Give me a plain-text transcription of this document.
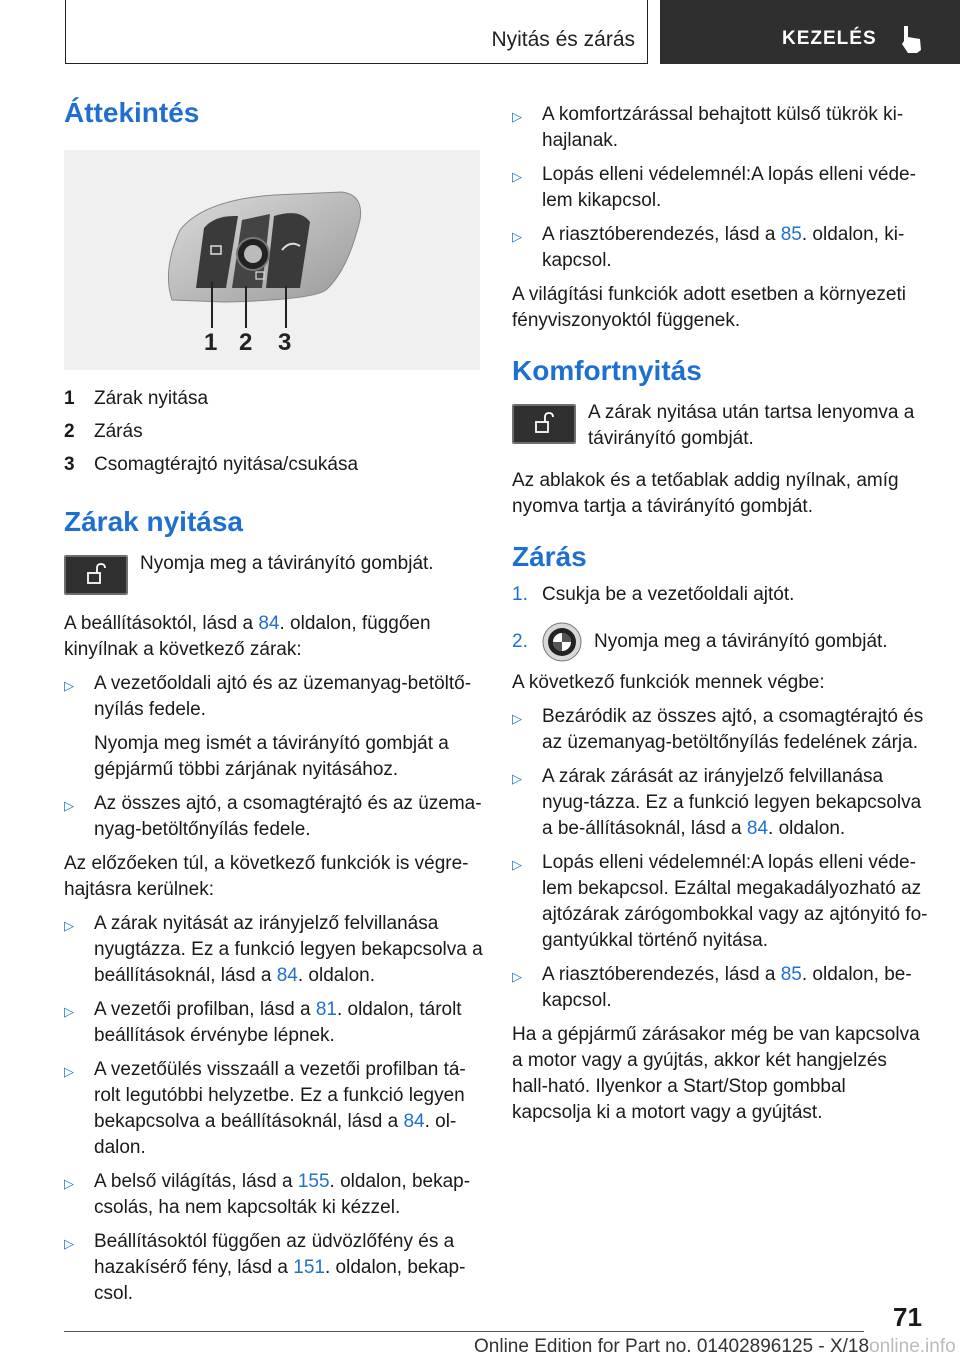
Nyitás és zárás	KEZELÉS
Áttekintés
1 2 3
1	Zárak nyitása
2	Zárás
3	Csomagtérajtó nyitása/csukása
Zárak nyitása
Nyomja meg a távirányító gombját.

A beállításoktól, lásd a 84. oldalon, függően kinyílnak a következő zárak:

▷	A vezetőoldali ajtó és az üzemanyag-betöltő-nyílás fedele.
Nyomja meg ismét a távirányító gombját a gépjármű többi zárjának nyitásához.
▷	Az összes ajtó, a csomagtérajtó és az üzema-nyag-betöltőnyílás fedele.

Az előzőeken túl, a következő funkciók is végre-hajtásra kerülnek:

▷	A zárak nyitását az irányjelző felvillanása nyugtázza. Ez a funkció legyen bekapcsolva a beállításoknál, lásd a 84. oldalon.
▷	A vezetői profilban, lásd a 81. oldalon, tárolt beállítások érvénybe lépnek.
▷	A vezetőülés visszaáll a vezetői profilban tá-rolt legutóbbi helyzetbe. Ez a funkció legyen bekapcsolva a beállításoknál, lásd a 84. ol-dalon.
▷	A belső világítás, lásd a 155. oldalon, bekap-csolás, ha nem kapcsolták ki kézzel.
▷	Beállításoktól függően az üdvözlőfény és a hazakísérő fény, lásd a 151. oldalon, bekap-csol.
▷	A komfortzárással behajtott külső tükrök ki-hajlanak.
▷	Lopás elleni védelemnél:A lopás elleni véde-lem kikapcsol.
▷	A riasztóberendezés, lásd a 85. oldalon, ki-kapcsol.

A világítási funkciók adott esetben a környezeti fényviszonyoktól függenek.

Komfortnyitás
A zárak nyitása után tartsa lenyomva a távirányító gombját.

Az ablakok és a tetőablak addig nyílnak, amíg nyomva tartja a távirányító gombját.

Zárás
1. Csukja be a vezetőoldali ajtót.
2.	Nyomja meg a távirányító gombját.

A következő funkciók mennek végbe:

▷	Bezáródik az összes ajtó, a csomagtérajtó és az üzemanyag-betöltőnyílás fedelének zárja.
▷	A zárak zárását az irányjelző felvillanása nyug-tázza. Ez a funkció legyen bekapcsolva a be-állításoknál, lásd a 84. oldalon.
▷	Lopás elleni védelemnél:A lopás elleni véde-lem bekapcsol. Ezáltal megakadályozható az ajtózárak zárógombokkal vagy az ajtónyitó fo-gantyúkkal történő nyitása.
▷	A riasztóberendezés, lásd a 85. oldalon, be-kapcsol.

Ha a gépjármű zárásakor még be van kapcsolva a motor vagy a gyújtás, akkor két hangjelzés hall-ható. Ilyenkor a Start/Stop gombbal kapcsolja ki a motort vagy a gyújtást.

71
Online Edition for Part no. 01402896125 - X/18online.info
